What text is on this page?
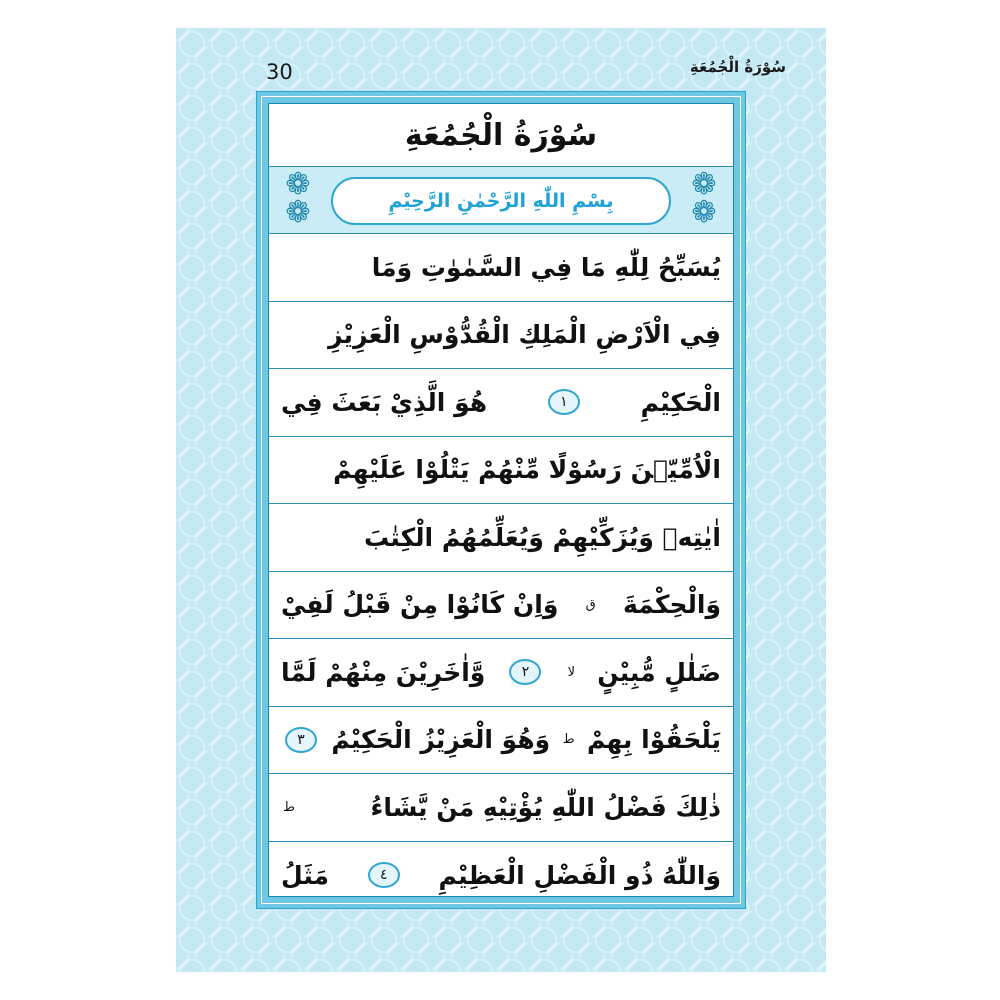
30	سُوْرَةُ الْجُمُعَةِ
سُوْرَةُ الْجُمُعَةِ
❁
❁
بِسْمِ اللّٰهِ الرَّحْمٰنِ الرَّحِيْمِ
❁
❁
يُسَبِّحُ لِلّٰهِ مَا فِي السَّمٰوٰتِ وَمَا
فِي الْاَرْضِ الْمَلِكِ الْقُدُّوْسِ الْعَزِيْزِ
الْحَكِيْمِ
١
هُوَ الَّذِيْ بَعَثَ فِي
الْاُمِّيّٖنَ رَسُوْلًا مِّنْهُمْ يَتْلُوْا عَلَيْهِمْ
اٰيٰتِهٖ وَيُزَكِّيْهِمْ وَيُعَلِّمُهُمُ الْكِتٰبَ
وَالْحِكْمَةَ
ق
وَاِنْ كَانُوْا مِنْ قَبْلُ لَفِيْ
ضَلٰلٍ مُّبِيْنٍ
لا
٢
وَّاٰخَرِيْنَ مِنْهُمْ لَمَّا
يَلْحَقُوْا بِهِمْ
ط
وَهُوَ الْعَزِيْزُ الْحَكِيْمُ
٣
ذٰلِكَ فَضْلُ اللّٰهِ يُؤْتِيْهِ مَنْ يَّشَاءُ
ط
وَاللّٰهُ ذُو الْفَضْلِ الْعَظِيْمِ
٤
مَثَلُ
